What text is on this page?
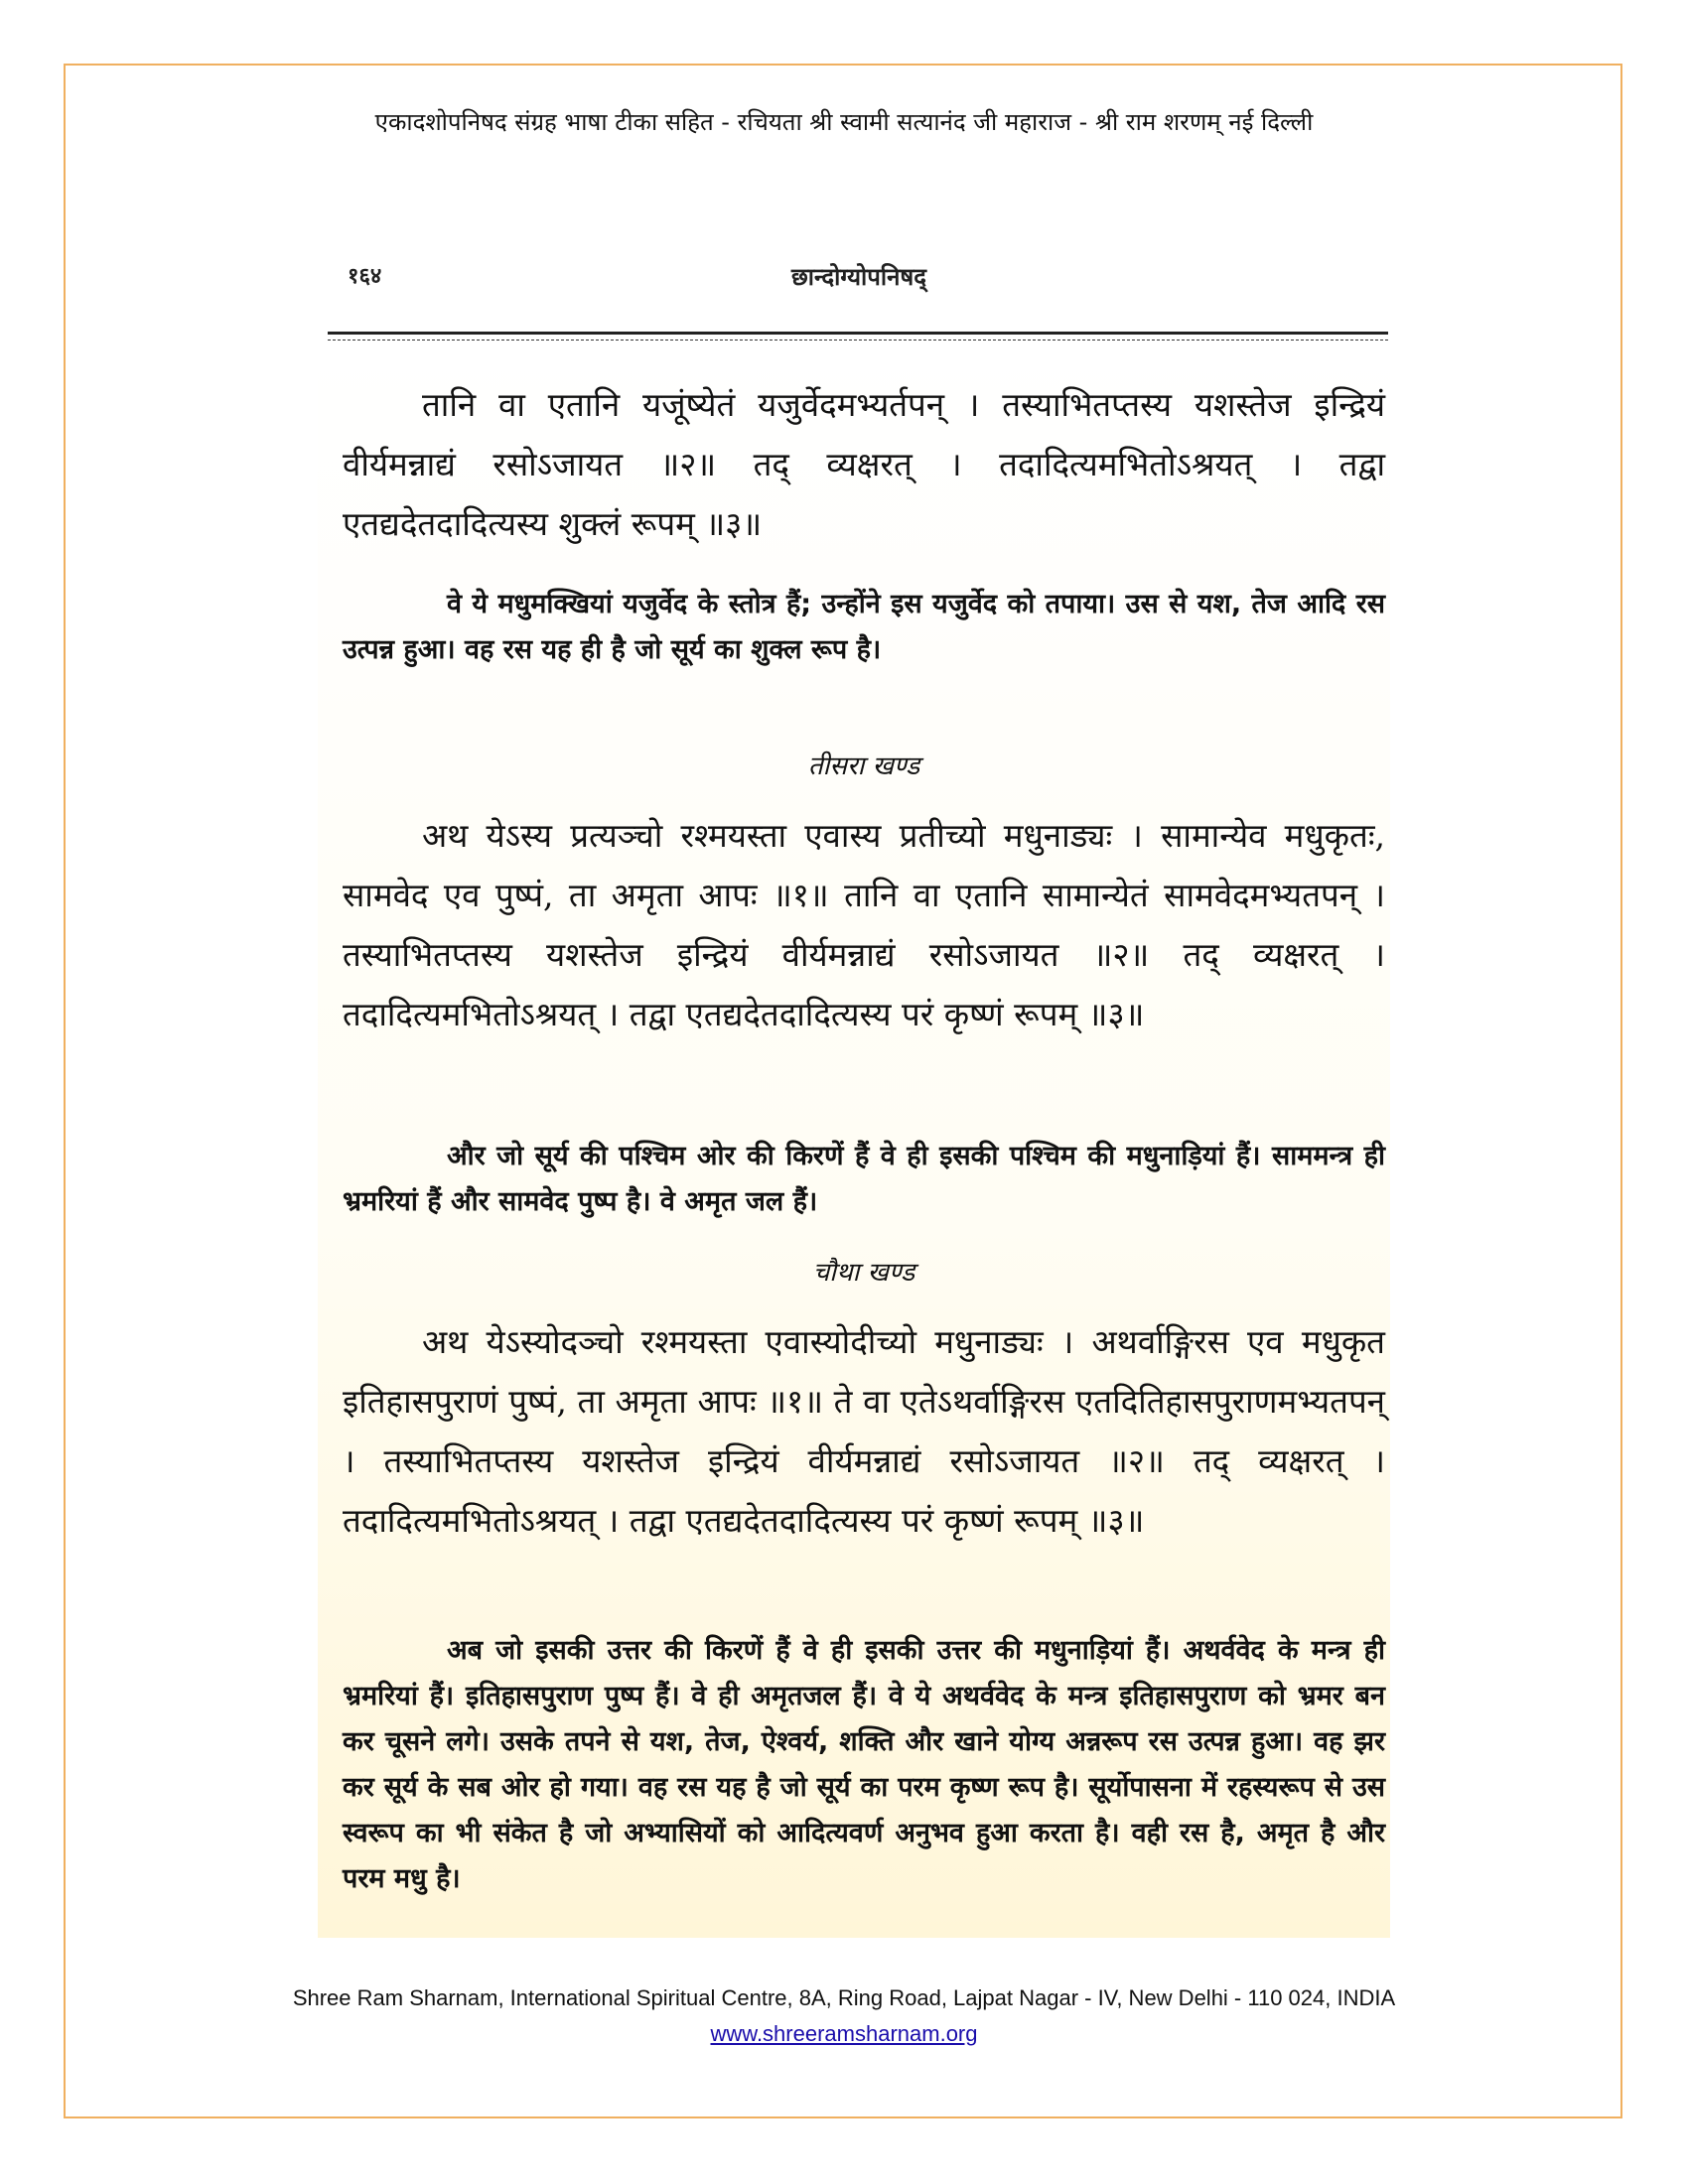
एकादशोपनिषद संग्रह भाषा टीका सहित - रचियता श्री स्वामी सत्यानंद जी महाराज - श्री राम शरणम् नई दिल्ली
छान्दोग्योपनिषद्
१६४

तानि वा एतानि यजूंष्येतं यजुर्वेदमभ्यर्तपन् । तस्याभितप्तस्य यशस्तेज इन्द्रियं वीर्यमन्नाद्यं रसोऽजायत ॥२॥ तद् व्यक्षरत् । तदादित्यमभितोऽश्रयत् । तद्वा एतद्यदेतदादित्यस्य शुक्लं रूपम् ॥३॥

वे ये मधुमक्खियां यजुर्वेद के स्तोत्र हैं; उन्होंने इस यजुर्वेद को तपाया। उस से यश, तेज आदि रस उत्पन्न हुआ। वह रस यह ही है जो सूर्य का शुक्ल रूप है।

तीसरा खण्ड

अथ येऽस्य प्रत्यञ्चो रश्मयस्ता एवास्य प्रतीच्यो मधुनाड्यः । सामान्येव मधुकृतः, सामवेद एव पुष्पं, ता अमृता आपः ॥१॥ तानि वा एतानि सामान्येतं सामवेदमभ्यतपन् । तस्याभितप्तस्य यशस्तेज इन्द्रियं वीर्यमन्नाद्यं रसोऽजायत ॥२॥ तद् व्यक्षरत् । तदादित्यमभितोऽश्रयत् । तद्वा एतद्यदेतदादित्यस्य परं कृष्णं रूपम् ॥३॥

और जो सूर्य की पश्चिम ओर की किरणें हैं वे ही इसकी पश्चिम की मधुनाड़ियां हैं। साममन्त्र ही भ्रमरियां हैं और सामवेद पुष्प है। वे अमृत जल हैं।

चौथा खण्ड

अथ येऽस्योदञ्चो रश्मयस्ता एवास्योदीच्यो मधुनाड्यः । अथर्वाङ्गिरस एव मधुकृत इतिहासपुराणं पुष्पं, ता अमृता आपः ॥१॥ ते वा एतेऽथर्वाङ्गिरस एतदितिहासपुराणमभ्यतपन् । तस्याभितप्तस्य यशस्तेज इन्द्रियं वीर्यमन्नाद्यं रसोऽजायत ॥२॥ तद् व्यक्षरत् । तदादित्यमभितोऽश्रयत् । तद्वा एतद्यदेतदादित्यस्य परं कृष्णं रूपम् ॥३॥

अब जो इसकी उत्तर की किरणें हैं वे ही इसकी उत्तर की मधुनाड़ियां हैं। अथर्ववेद के मन्त्र ही भ्रमरियां हैं। इतिहासपुराण पुष्प हैं। वे ही अमृतजल हैं। वे ये अथर्ववेद के मन्त्र इतिहासपुराण को भ्रमर बन कर चूसने लगे। उसके तपने से यश, तेज, ऐश्वर्य, शक्ति और खाने योग्य अन्नरूप रस उत्पन्न हुआ। वह झर कर सूर्य के सब ओर हो गया। वह रस यह है जो सूर्य का परम कृष्ण रूप है। सूर्योपासना में रहस्यरूप से उस स्वरूप का भी संकेत है जो अभ्यासियों को आदित्यवर्ण अनुभव हुआ करता है। वही रस है, अमृत है और परम मधु है।

Shree Ram Sharnam, International Spiritual Centre, 8A, Ring Road, Lajpat Nagar - IV, New Delhi - 110 024, INDIA
www.shreeramsharnam.org
